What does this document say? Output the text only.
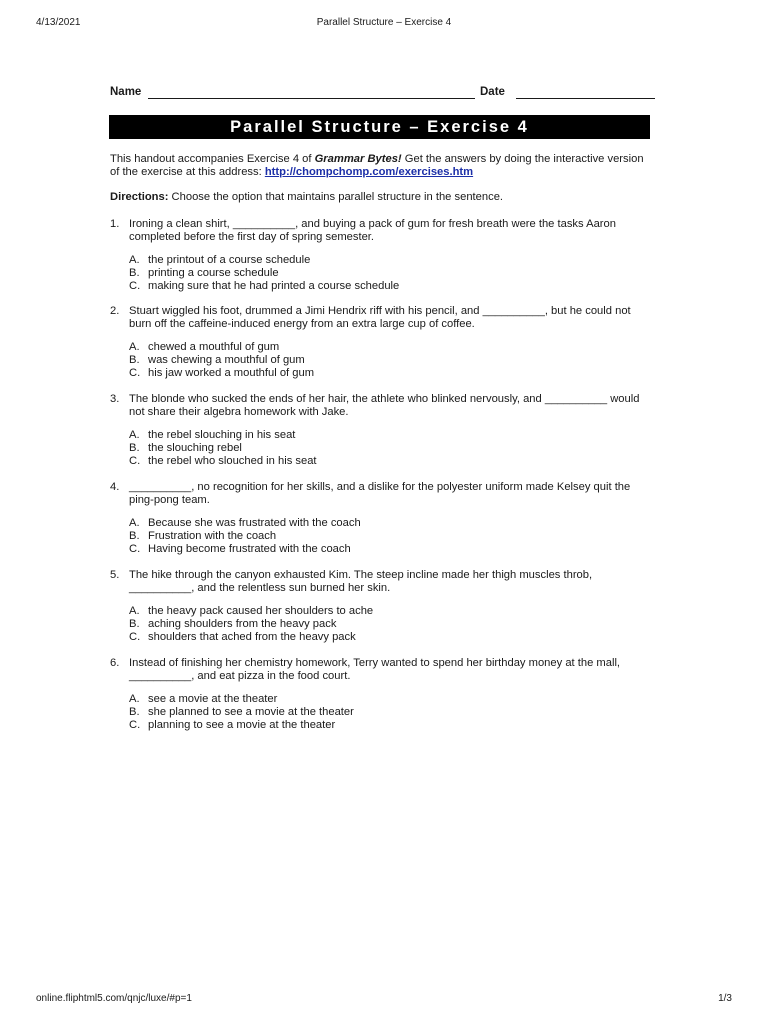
4/13/2021	Parallel Structure – Exercise 4
Name	Date
Parallel Structure – Exercise 4
This handout accompanies Exercise 4 of Grammar Bytes! Get the answers by doing the interactive version of the exercise at this address: http://chompchomp.com/exercises.htm
Directions: Choose the option that maintains parallel structure in the sentence.
1. Ironing a clean shirt, __________, and buying a pack of gum for fresh breath were the tasks Aaron completed before the first day of spring semester.
A. the printout of a course schedule
B. printing a course schedule
C. making sure that he had printed a course schedule
2. Stuart wiggled his foot, drummed a Jimi Hendrix riff with his pencil, and __________, but he could not burn off the caffeine-induced energy from an extra large cup of coffee.
A. chewed a mouthful of gum
B. was chewing a mouthful of gum
C. his jaw worked a mouthful of gum
3. The blonde who sucked the ends of her hair, the athlete who blinked nervously, and __________ would not share their algebra homework with Jake.
A. the rebel slouching in his seat
B. the slouching rebel
C. the rebel who slouched in his seat
4. __________, no recognition for her skills, and a dislike for the polyester uniform made Kelsey quit the ping-pong team.
A. Because she was frustrated with the coach
B. Frustration with the coach
C. Having become frustrated with the coach
5. The hike through the canyon exhausted Kim. The steep incline made her thigh muscles throb, __________, and the relentless sun burned her skin.
A. the heavy pack caused her shoulders to ache
B. aching shoulders from the heavy pack
C. shoulders that ached from the heavy pack
6. Instead of finishing her chemistry homework, Terry wanted to spend her birthday money at the mall, __________, and eat pizza in the food court.
A. see a movie at the theater
B. she planned to see a movie at the theater
C. planning to see a movie at the theater
online.fliphtml5.com/qnjc/luxe/#p=1	1/3
